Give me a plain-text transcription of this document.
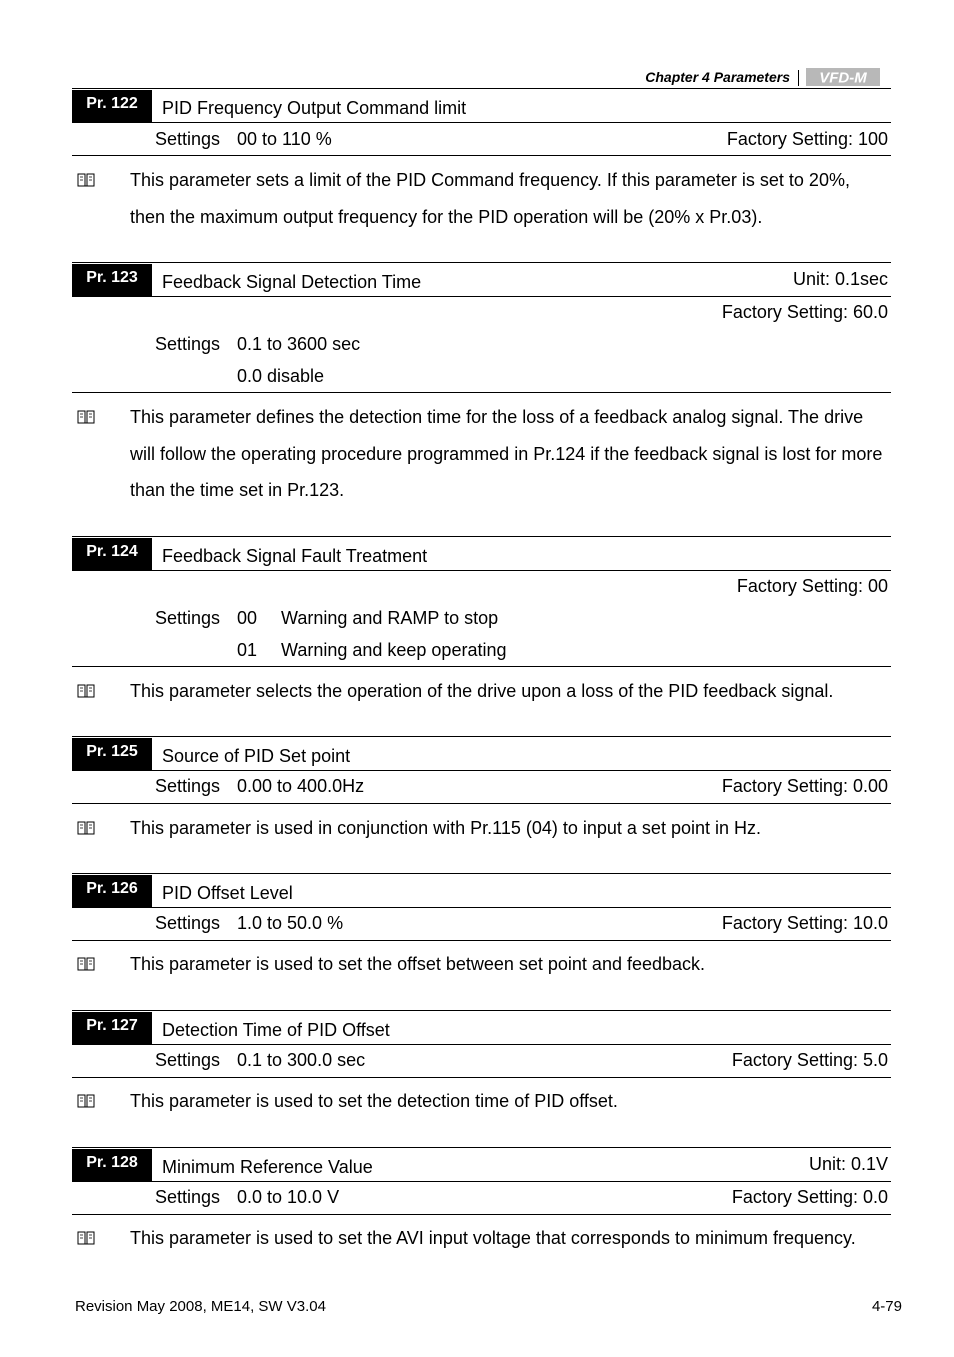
Chapter 4 Parameters VFD-M
Pr. 122	PID Frequency Output Command limit
Settings 00 to 110 %	Factory Setting: 100
This parameter sets a limit of the PID Command frequency. If this parameter is set to 20%,
then the maximum output frequency for the PID operation will be (20% x Pr.03).
Pr. 123	Feedback Signal Detection Time	Unit: 0.1sec
Factory Setting: 60.0
Settings 0.1 to 3600 sec
0.0 disable
This parameter defines the detection time for the loss of a feedback analog signal. The drive
will follow the operating procedure programmed in Pr.124 if the feedback signal is lost for more
than the time set in Pr.123.
Pr. 124	Feedback Signal Fault Treatment
Factory Setting: 00
Settings 00 Warning and RAMP to stop
01 Warning and keep operating
This parameter selects the operation of the drive upon a loss of the PID feedback signal.
Pr. 125	Source of PID Set point
Settings 0.00 to 400.0Hz	Factory Setting: 0.00
This parameter is used in conjunction with Pr.115 (04) to input a set point in Hz.
Pr. 126	PID Offset Level
Settings 1.0 to 50.0 %	Factory Setting: 10.0
This parameter is used to set the offset between set point and feedback.
Pr. 127	Detection Time of PID Offset
Settings 0.1 to 300.0 sec	Factory Setting: 5.0
This parameter is used to set the detection time of PID offset.
Pr. 128	Minimum Reference Value	Unit: 0.1V
Settings 0.0 to 10.0 V	Factory Setting: 0.0
This parameter is used to set the AVI input voltage that corresponds to minimum frequency.
Revision May 2008, ME14, SW V3.04	4-79
